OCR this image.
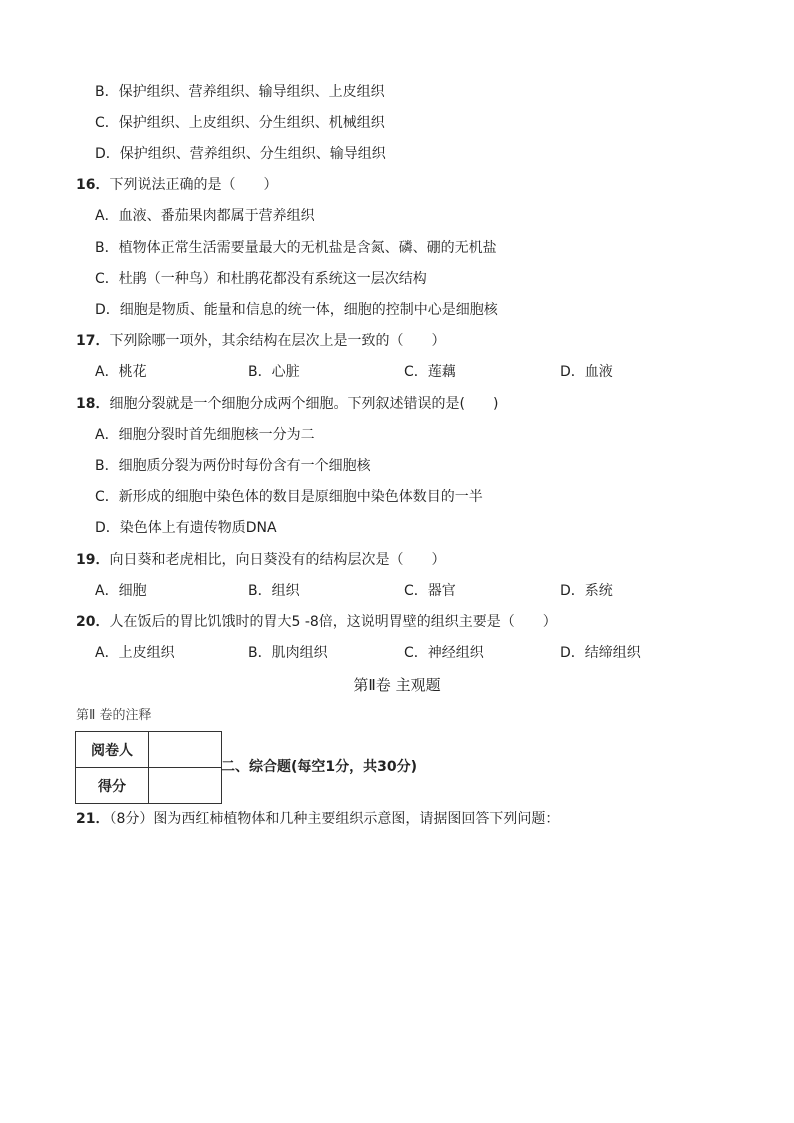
B．保护组织、营养组织、输导组织、上皮组织
C．保护组织、上皮组织、分生组织、机械组织
D．保护组织、营养组织、分生组织、输导组织
16．下列说法正确的是（　　）
A．血液、番茄果肉都属于营养组织
B．植物体正常生活需要量最大的无机盐是含氮、磷、硼的无机盐
C．杜鹃（一种鸟）和杜鹃花都没有系统这一层次结构
D．细胞是物质、能量和信息的统一体，细胞的控制中心是细胞核
17．下列除哪一项外，其余结构在层次上是一致的（　　）
A．桃花	B．心脏	C．莲藕	D．血液
18．细胞分裂就是一个细胞分成两个细胞。下列叙述错误的是(　　)
A．细胞分裂时首先细胞核一分为二
B．细胞质分裂为两份时每份含有一个细胞核
C．新形成的细胞中染色体的数目是原细胞中染色体数目的一半
D．染色体上有遗传物质DNA
19．向日葵和老虎相比，向日葵没有的结构层次是（　　）
A．细胞	B．组织	C．器官	D．系统
20．人在饭后的胃比饥饿时的胃大5 -8倍，这说明胃壁的组织主要是（　　）
A．上皮组织	B．肌肉组织	C．神经组织	D．结缔组织
第Ⅱ卷 主观题
第Ⅱ 卷的注释
阅卷人	
得分	
二、综合题(每空1分，共30分)
21．（8分）图为西红柿植物体和几种主要组织示意图，请据图回答下列问题：
